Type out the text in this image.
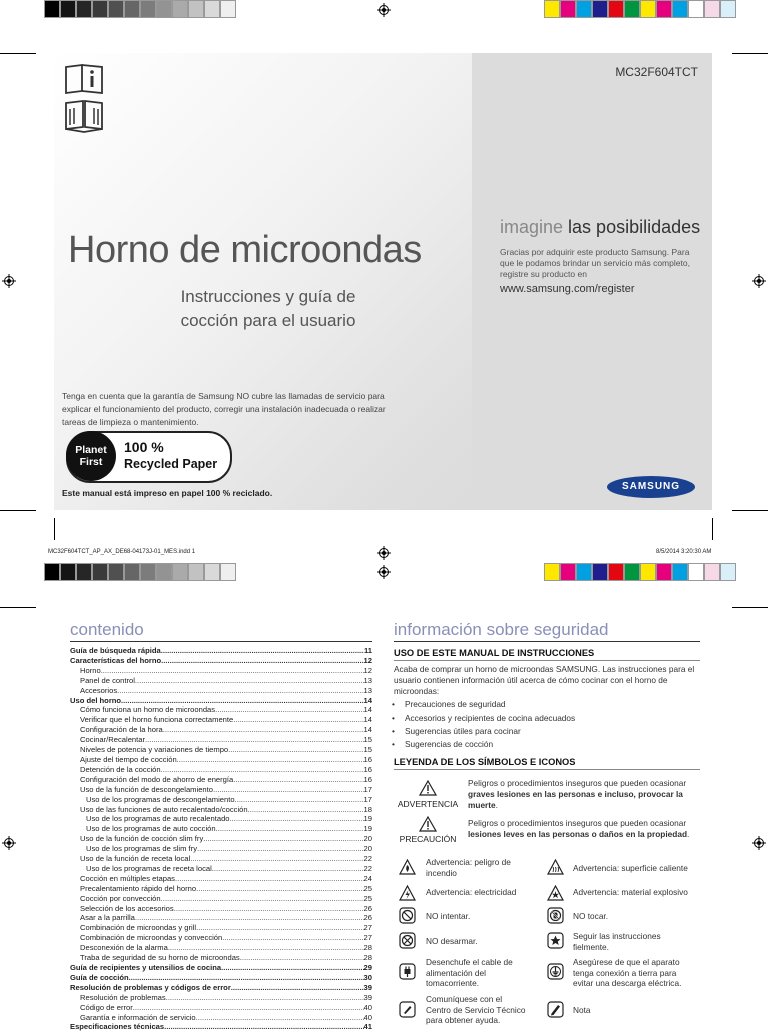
MC32F604TCT
Horno de microondas
Instrucciones y guía de
cocción para el usuario
imagine las posibilidades
Gracias por adquirir este producto Samsung. Para que le podamos brindar un servicio más completo, registre su producto en
www.samsung.com/register
Tenga en cuenta que la garantía de Samsung NO cubre las llamadas de servicio para explicar el funcionamiento del producto, corregir una instalación inadecuada o realizar tareas de limpieza o mantenimiento.
Planet
First
100 %
Recycled Paper
Este manual está impreso en papel 100 % reciclado.
SAMSUNG
MC32F604TCT_AP_AX_DE68-04173J-01_MES.indd 1	8/5/2014 3:20:30 AM
contenido
Guía de búsqueda rápida .....	11
Características del horno .....	12
Horno .....	12
Panel de control .....	13
Accesorios .....	13
Uso del horno .....	14
Cómo funciona un horno de microondas .....	14
Verificar que el horno funciona correctamente .....	14
Configuración de la hora .....	14
Cocinar/Recalentar .....	15
Niveles de potencia y variaciones de tiempo .....	15
Ajuste del tiempo de cocción .....	16
Detención de la cocción .....	16
Configuración del modo de ahorro de energía .....	16
Uso de la función de descongelamiento .....	17
Uso de los programas de descongelamiento .....	17
Uso de las funciones de auto recalentado/cocción .....	18
Uso de los programas de auto recalentado .....	19
Uso de los programas de auto cocción .....	19
Uso de la función de cocción slim fry .....	20
Uso de los programas de slim fry .....	20
Uso de la función de receta local .....	22
Uso de los programas de receta local .....	22
Cocción en múltiples etapas .....	24
Precalentamiento rápido del horno .....	25
Cocción por convección .....	25
Selección de los accesorios .....	26
Asar a la parrilla .....	26
Combinación de microondas y grill .....	27
Combinación de microondas y convección .....	27
Desconexión de la alarma .....	28
Traba de seguridad de su horno de microondas .....	28
Guía de recipientes y utensilios de cocina .....	29
Guía de cocción .....	30
Resolución de problemas y códigos de error .....	39
Resolución de problemas .....	39
Código de error .....	40
Garantía e información de servicio .....	40
Especificaciones técnicas .....	41
información sobre seguridad
USO DE ESTE MANUAL DE INSTRUCCIONES
Acaba de comprar un horno de microondas SAMSUNG. Las instrucciones para el usuario contienen información útil acerca de cómo cocinar con el horno de microondas:
• Precauciones de seguridad
• Accesorios y recipientes de cocina adecuados
• Sugerencias útiles para cocinar
• Sugerencias de cocción
LEYENDA DE LOS SÍMBOLOS E ICONOS
ADVERTENCIA
Peligros o procedimientos inseguros que pueden ocasionar graves lesiones en las personas e incluso, provocar la muerte.
PRECAUCIÓN
Peligros o procedimientos inseguros que pueden ocasionar lesiones leves en las personas o daños en la propiedad.
Advertencia: peligro de incendio
Advertencia: electricidad
NO intentar.
NO desarmar.
Desenchufe el cable de alimentación del tomacorriente.
Comuníquese con el Centro de Servicio Técnico para obtener ayuda.
Advertencia: superficie caliente
Advertencia: material explosivo
NO tocar.
Seguir las instrucciones fielmente.
Asegúrese de que el aparato tenga conexión a tierra para evitar una descarga eléctrica.
Nota
